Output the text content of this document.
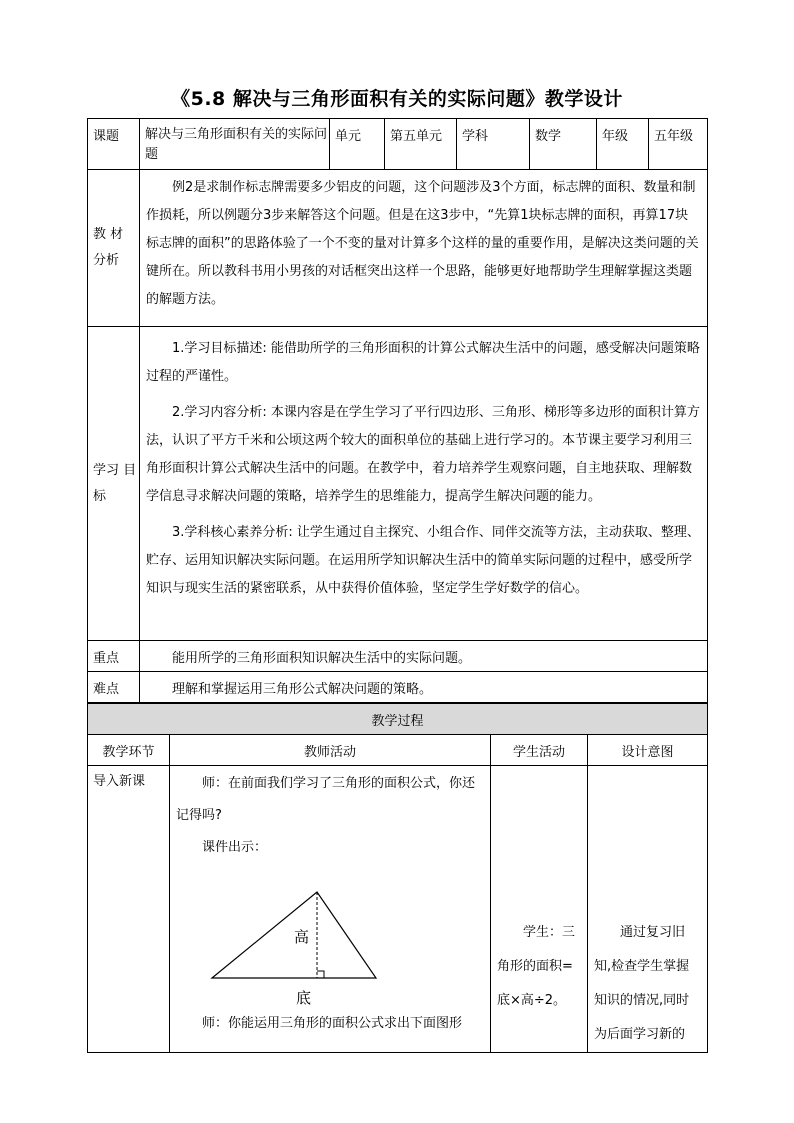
《5.8 解决与三角形面积有关的实际问题》教学设计
课题	解决与三角形面积有关的实际问题	单元	第五单元	学科	数学	年级	五年级
教 材 分析	例2是求制作标志牌需要多少铝皮的问题，这个问题涉及3个方面，标志牌的面积、数量和制作损耗，所以例题分3步来解答这个问题。但是在这3步中，“先算1块标志牌的面积，再算17块标志牌的面积”的思路体验了一个不变的量对计算多个这样的量的重要作用，是解决这类问题的关键所在。所以教科书用小男孩的对话框突出这样一个思路，能够更好地帮助学生理解掌握这类题的解题方法。						

学习 目标	1.学习目标描述: 能借助所学的三角形面积的计算公式解决生活中的问题，感受解决问题策略过程的严谨性。

2.学习内容分析: 本课内容是在学生学习了平行四边形、三角形、梯形等多边形的面积计算方法，认识了平方千米和公顷这两个较大的面积单位的基础上进行学习的。本节课主要学习利用三角形面积计算公式解决生活中的问题。在教学中，着力培养学生观察问题，自主地获取、理解数学信息寻求解决问题的策略，培养学生的思维能力，提高学生解决问题的能力。

3.学科核心素养分析: 让学生通过自主探究、小组合作、同伴交流等方法，主动获取、整理、贮存、运用知识解决实际问题。在运用所学知识解决生活中的简单实际问题的过程中，感受所学知识与现实生活的紧密联系，从中获得价值体验，坚定学生学好数学的信心。						

重点	能用所学的三角形面积知识解决生活中的实际问题。						
难点	理解和掌握运用三角形公式解决问题的策略。						
教学过程			
教学环节	教师活动	学生活动	设计意图
导入新课	师：在前面我们学习了三角形的面积公式，你还记得吗?

课件出示：

高
底

师：你能运用三角形的面积公式求出下面图形	学生：三角形的面积=底×高÷2。	通过复习旧知,检查学生掌握知识的情况,同时为后面学习新的
